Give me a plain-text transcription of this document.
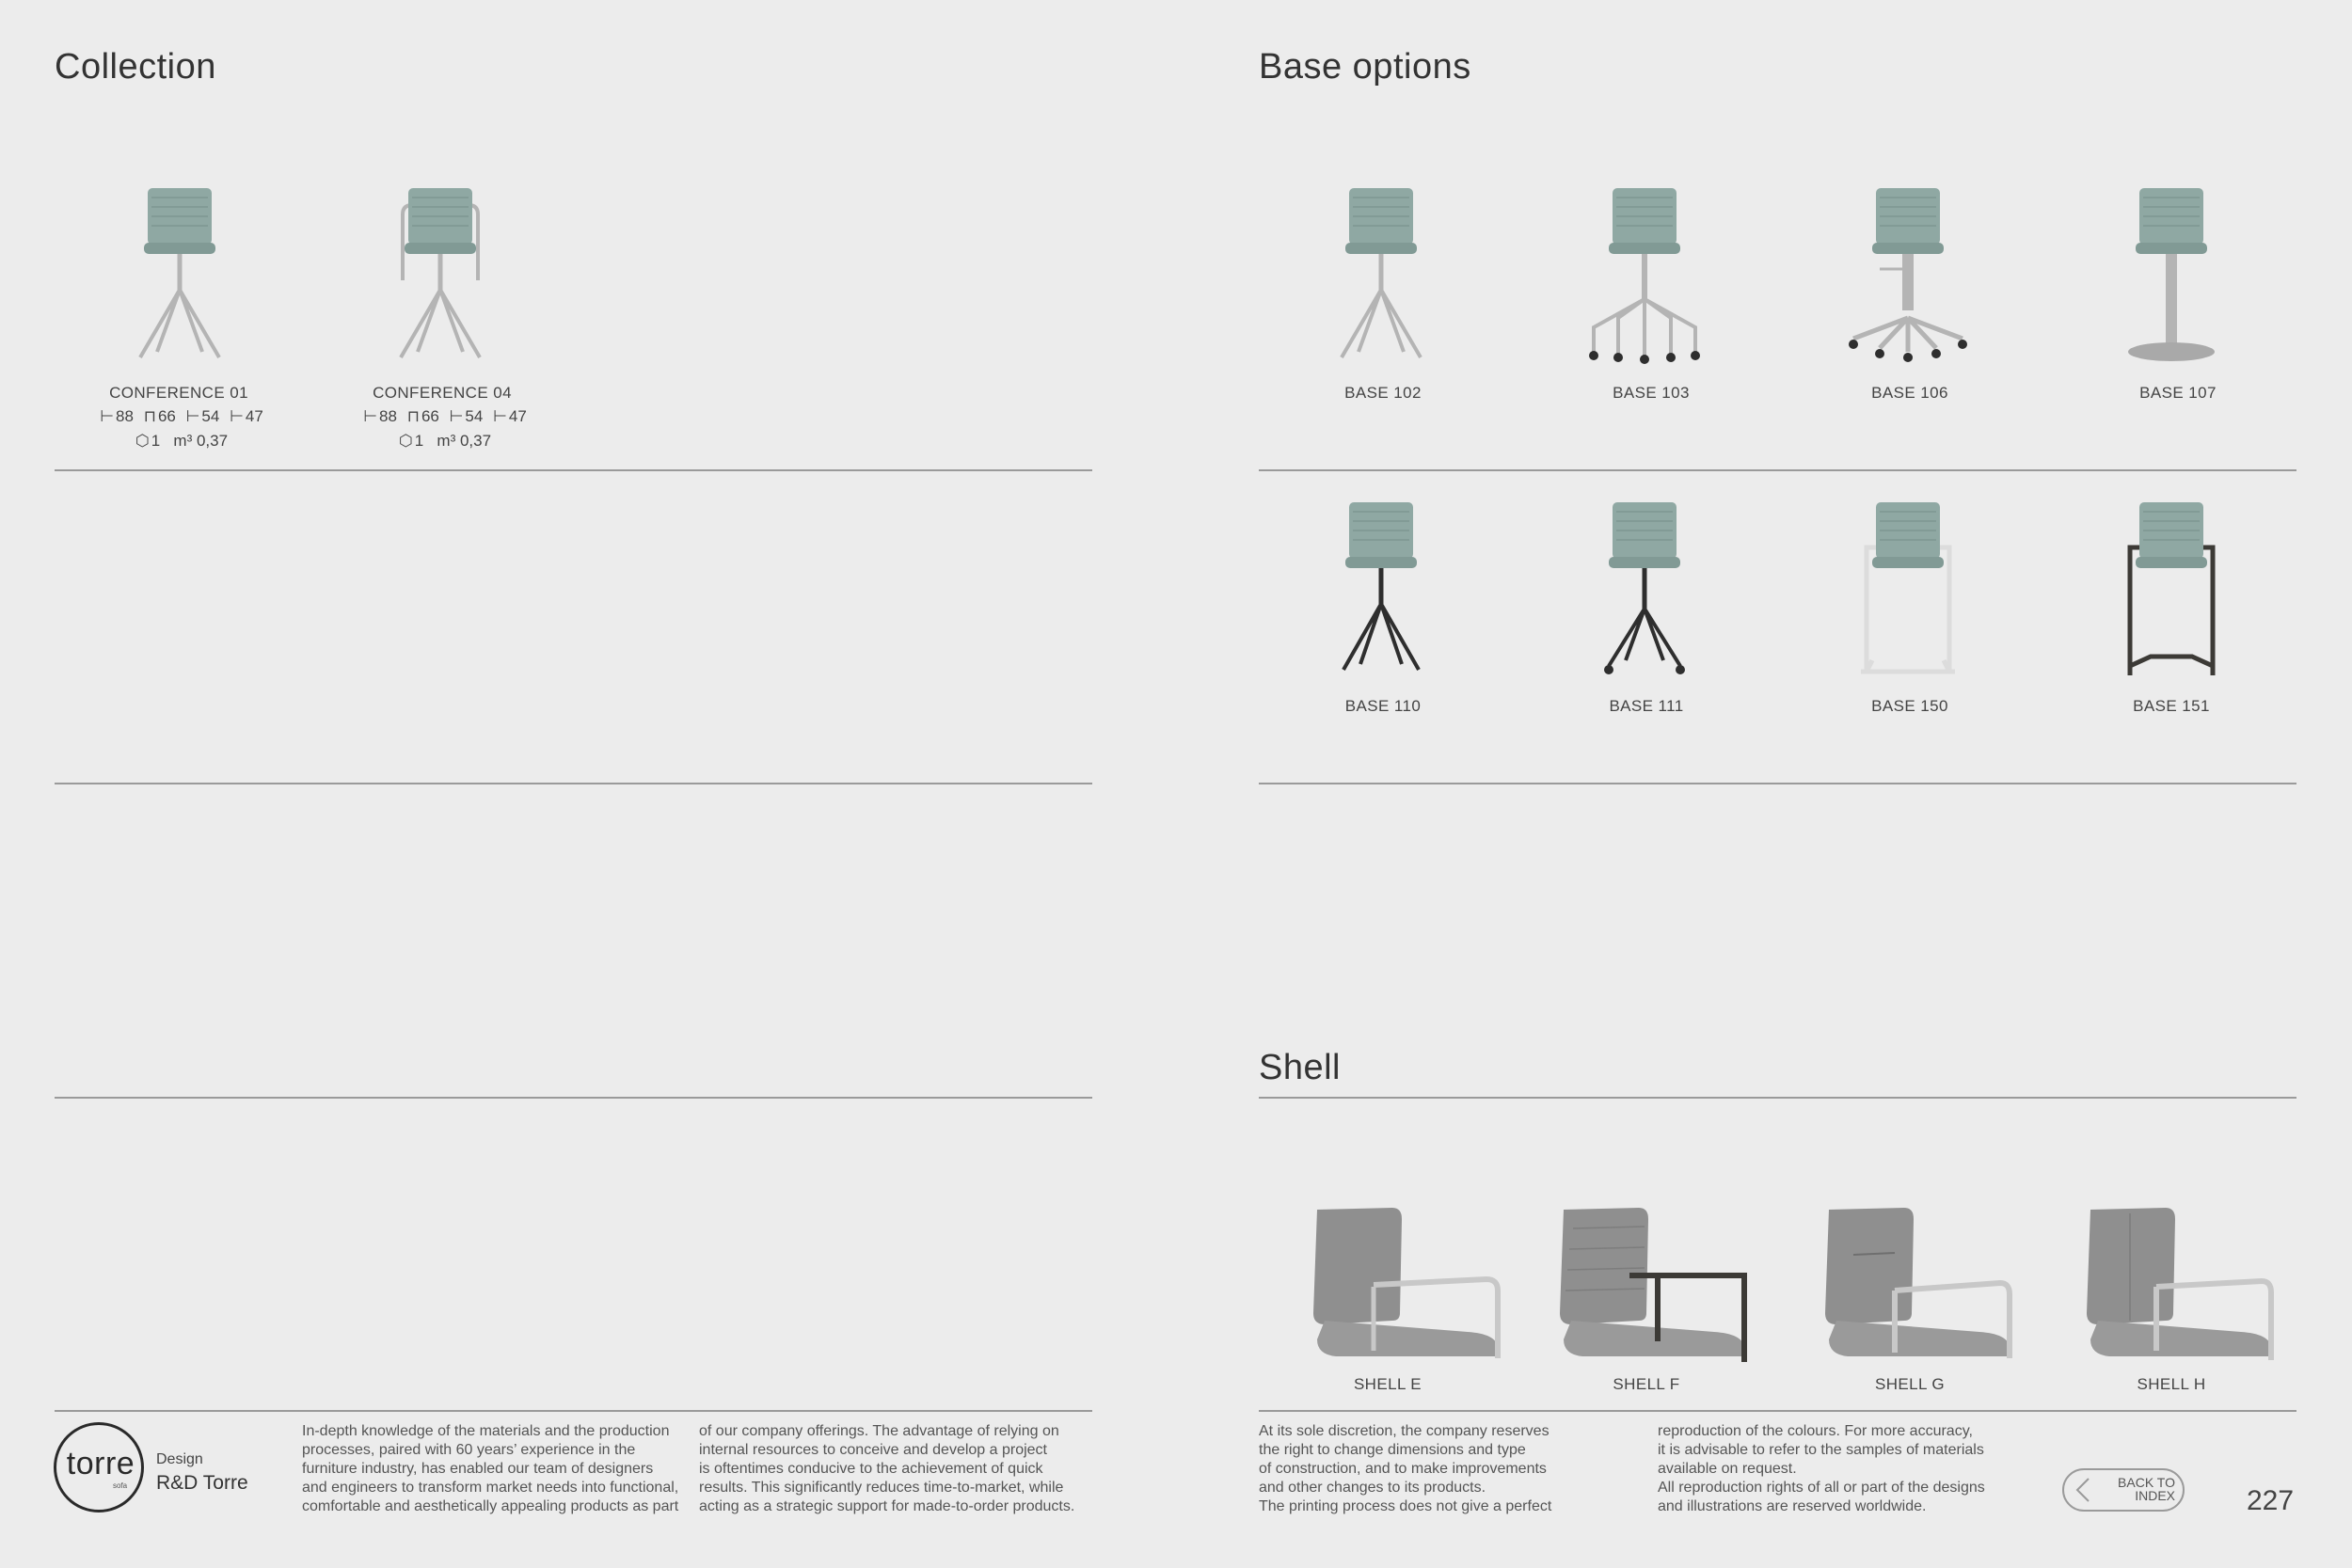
Collection
CONFERENCE 01
⊢ 88 ⊓ 66 ⊢ 54 ⊢ 47
⬡ 1 m³ 0,37
CONFERENCE 04
⊢ 88 ⊓ 66 ⊢ 54 ⊢ 47
⬡ 1 m³ 0,37
Base options
BASE 102	BASE 103	BASE 106	BASE 107
BASE 110	BASE 111	BASE 150	BASE 151
Shell
SHELL E	SHELL F	SHELL G	SHELL H
torre
sofa
Design
R&D Torre
In-depth knowledge of the materials and the production
processes, paired with 60 years’ experience in the
furniture industry, has enabled our team of designers
and engineers to transform market needs into functional,
comfortable and aesthetically appealing products as part
of our company offerings. The advantage of relying on
internal resources to conceive and develop a project
is oftentimes conducive to the achievement of quick
results. This significantly reduces time-to-market, while
acting as a strategic support for made-to-order products.
At its sole discretion, the company reserves
the right to change dimensions and type
of construction, and to make improvements
and other changes to its products.
The printing process does not give a perfect
reproduction of the colours. For more accuracy,
it is advisable to refer to the samples of materials
available on request.
All reproduction rights of all or part of the designs
and illustrations are reserved worldwide.
BACK TO
INDEX	227
